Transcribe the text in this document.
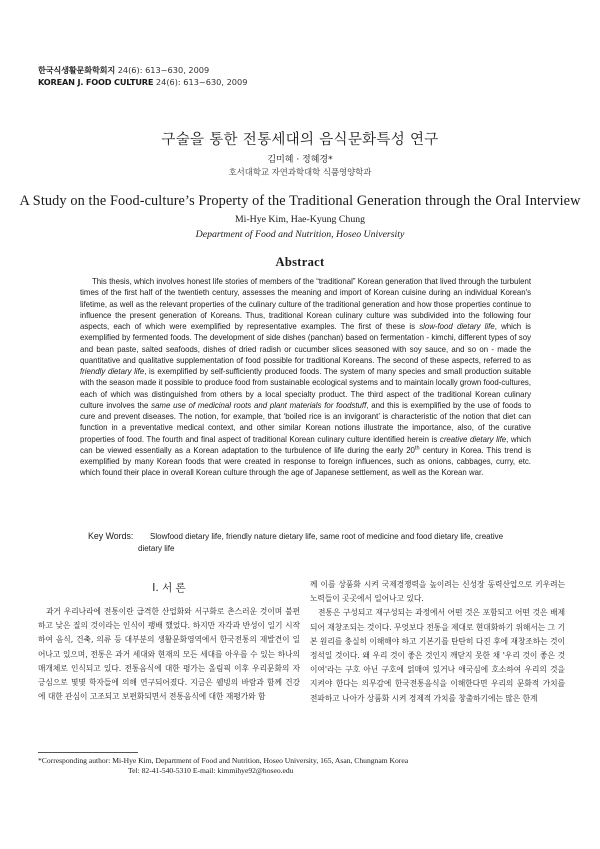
한국식생활문화학회지 24(6): 613~630, 2009
KOREAN J. FOOD CULTURE 24(6): 613~630, 2009
구술을 통한 전통세대의 음식문화특성 연구
김미혜 · 정혜경*
호서대학교 자연과학대학 식품영양학과
A Study on the Food-culture’s Property of the Traditional Generation through the Oral Interview
Mi-Hye Kim, Hae-Kyung Chung
Department of Food and Nutrition, Hoseo University
Abstract

This thesis, which involves honest life stories of members of the “traditional” Korean generation that lived through the turbulent times of the first half of the twentieth century, assesses the meaning and import of Korean cuisine during an individual Korean's lifetime, as well as the relevant properties of the culinary culture of the traditional generation and how those properties continue to influence the present generation of Koreans. Thus, traditional Korean culinary culture was subdivided into the following four aspects, each of which were exemplified by representative examples. The first of these is slow-food dietary life, which is exemplified by fermented foods. The development of side dishes (panchan) based on fermentation - kimchi, different types of soy and bean paste, salted seafoods, dishes of dried radish or cucumber slices seasoned with soy sauce, and so on - made the quantitative and qualitative supplementation of food possible for traditional Koreans. The second of these aspects, referred to as friendly dietary life, is exemplified by self-sufficiently produced foods. The system of many species and small production suitable with the season made it possible to produce food from sustainable ecological systems and to maintain locally grown food-cultures, each of which was distinguished from others by a local specialty product. The third aspect of the traditional Korean culinary culture involves the same use of medicinal roots and plant materials for foodstuff, and this is exemplified by the use of foods to cure and prevent diseases. The notion, for example, that ‘boiled rice is an invigorant’ is characteristic of the notion that diet can function in a preventative medical context, and other similar Korean notions illustrate the importance, also, of the curative properties of food. The fourth and final aspect of traditional Korean culinary culture identified herein is creative dietary life, which can be viewed essentially as a Korean adaptation to the turbulence of life during the early 20th century in Korea. This trend is exemplified by many Korean foods that were created in response to foreign influences, such as onions, cabbages, curry, etc. which found their place in overall Korean culture through the age of Japanese settlement, as well as the Korean war.

Key Words: Slowfood dietary life, friendly nature dietary life, same root of medicine and food dietary life, creative
dietary life
I. 서 론

과거 우리나라에 전통이란 급격한 산업화와 서구화로 촌스러운 것이며 불편하고 낮은 질의 것이라는 인식이 팽배 했었다. 하지만 자각과 반성이 일기 시작하여 음식, 건축, 의류 등 대부분의 생활문화영역에서 한국전통의 재발견이 일어나고 있으며, 전통은 과거 세대와 현재의 모든 세대를 아우를 수 있는 하나의 매개체로 인식되고 있다. 전통음식에 대한 평가는 올림픽 이후 우리문화의 자긍심으로 몇몇 학자들에 의해 연구되어졌다. 지금은 웰빙의 바람과 함께 건강에 대한 관심이 고조되고 보편화되면서 전통음식에 대한 재평가와 함

께 이를 상품화 시켜 국제경쟁력을 높이려는 신성장 동력산업으로 키우려는 노력들이 곳곳에서 일어나고 있다.

전통은 구성되고 재구성되는 과정에서 어떤 것은 포함되고 어떤 것은 배제되어 재창조되는 것이다. 무엇보다 전통을 제대로 현대화하기 위해서는 그 기본 원리를 충실히 이해해야 하고 기본기를 탄탄히 다진 후에 재창조하는 것이 정석일 것이다. 왜 우리 것이 좋은 것인지 깨닫지 못한 채 '우리 것이 좋은 것이여'라는 구호 아닌 구호에 얽매여 있거나 애국심에 호소하여 우리의 것을 지켜야 한다는 의무감에 한국전통음식을 이해한다면 우리의 문화적 가치를 전파하고 나아가 상품화 시켜 경제적 가치를 창출하기에는 많은 한계

*Corresponding author: Mi-Hye Kim, Department of Food and Nutrition, Hoseo University, 165, Asan, Chungnam Korea
Tel: 82-41-540-5310 E-mail: kimmihye92@hoseo.edu
